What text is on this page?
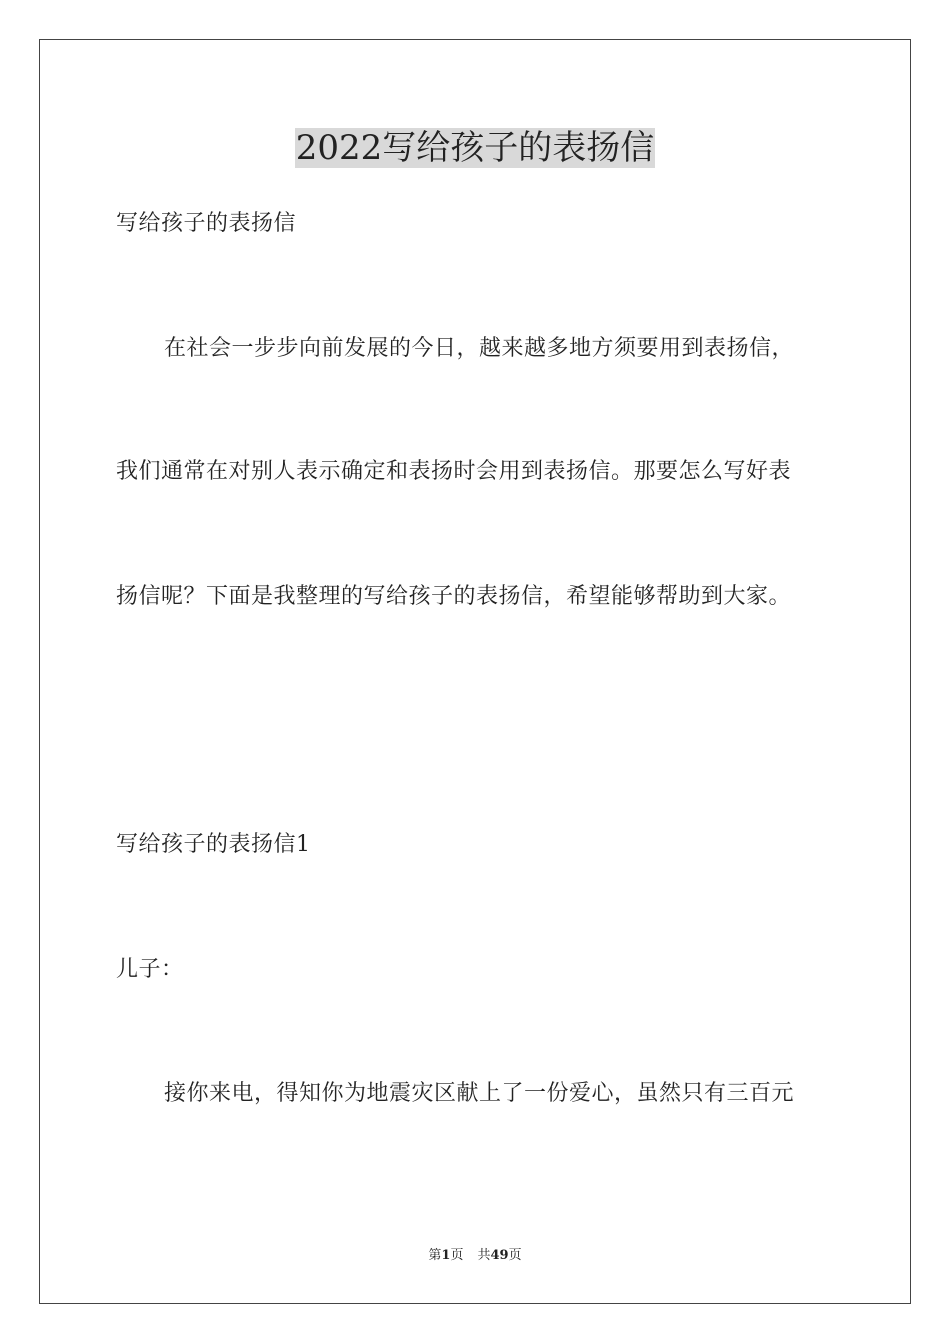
2022写给孩子的表扬信

写给孩子的表扬信

在社会一步步向前发展的今日，越来越多地方须要用到表扬信，

我们通常在对别人表示确定和表扬时会用到表扬信。那要怎么写好表

扬信呢？下面是我整理的写给孩子的表扬信，希望能够帮助到大家。

写给孩子的表扬信1

儿子：

接你来电，得知你为地震灾区献上了一份爱心，虽然只有三百元

第1页 共49页
